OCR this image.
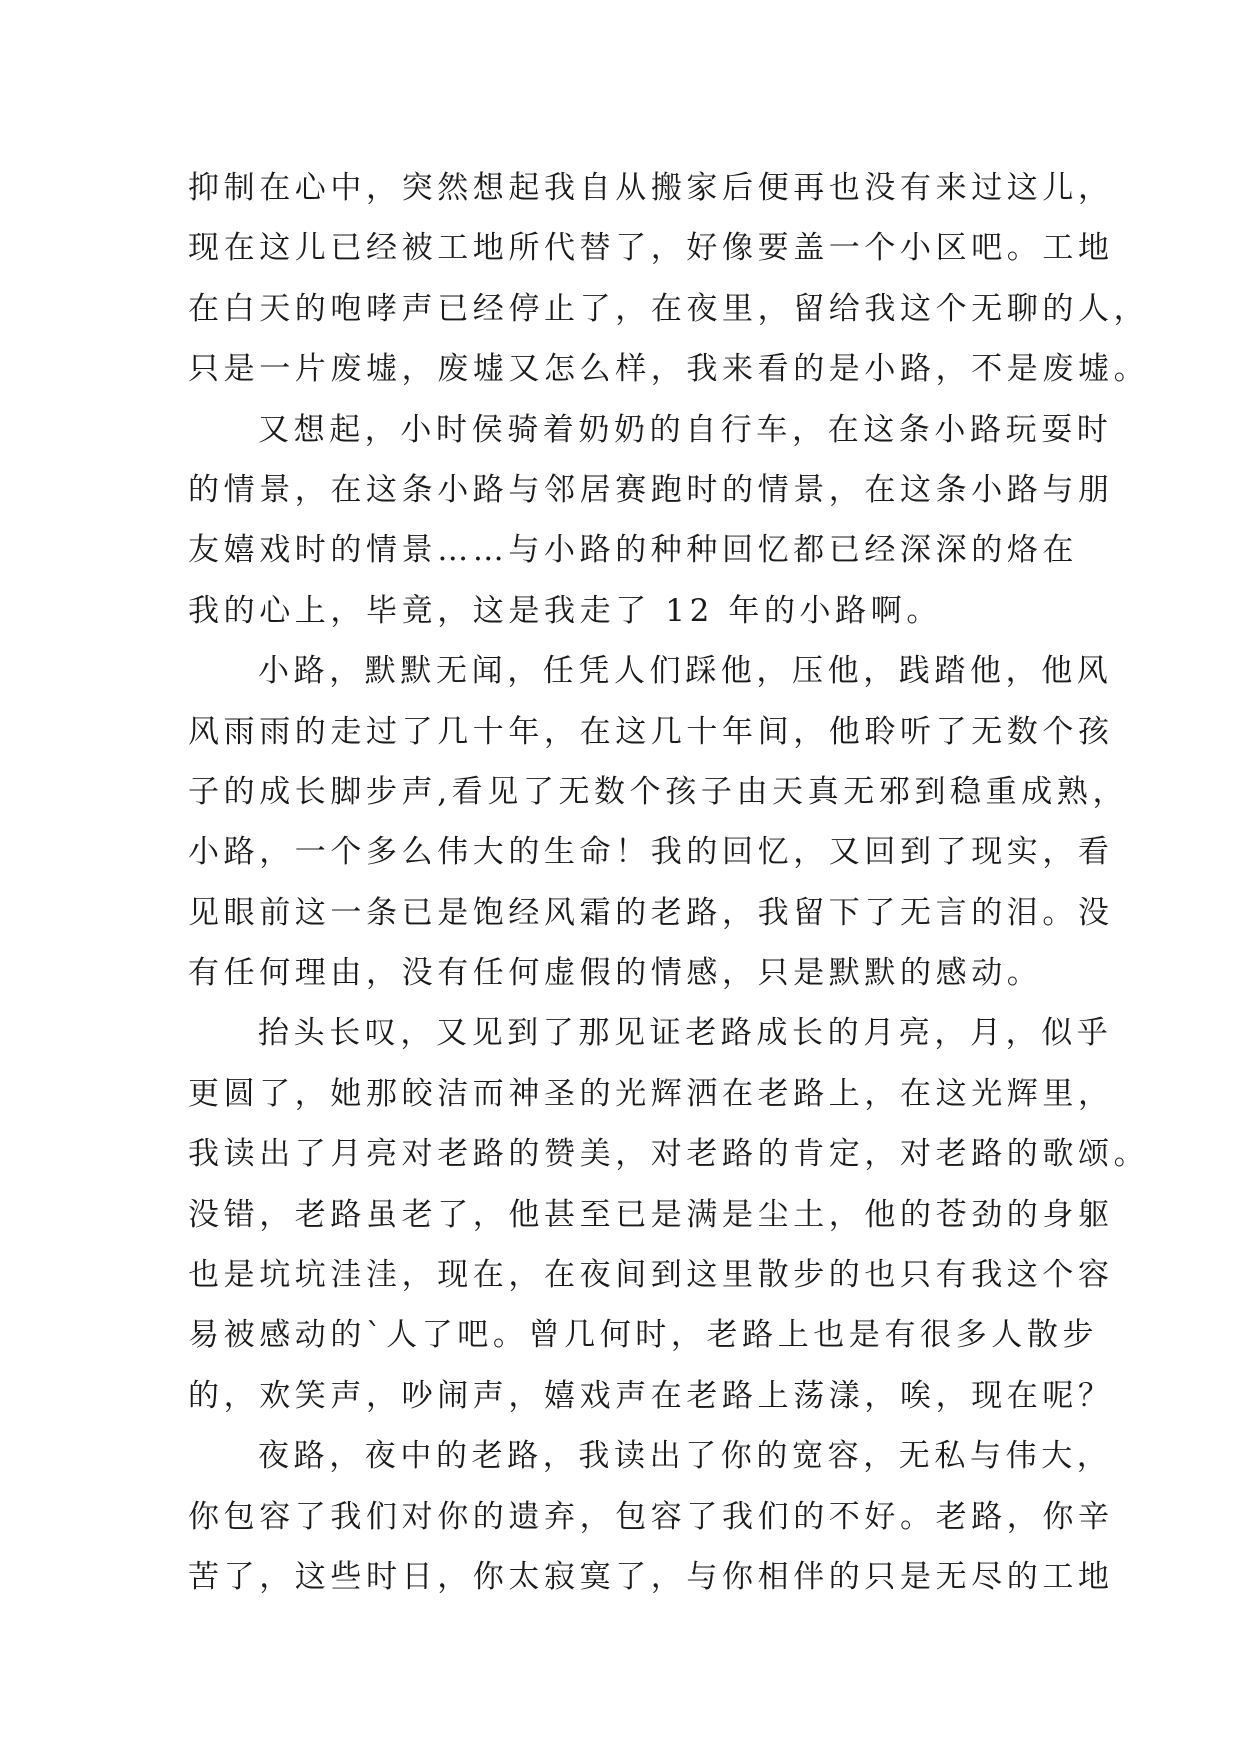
抑制在心中，突然想起我自从搬家后便再也没有来过这儿，
现在这儿已经被工地所代替了，好像要盖一个小区吧。工地
在白天的咆哮声已经停止了，在夜里，留给我这个无聊的人，
只是一片废墟，废墟又怎么样，我来看的是小路，不是废墟。
又想起，小时侯骑着奶奶的自行车，在这条小路玩耍时
的情景，在这条小路与邻居赛跑时的情景，在这条小路与朋
友嬉戏时的情景……与小路的种种回忆都已经深深的烙在
我的心上，毕竟，这是我走了 12 年的小路啊。
小路，默默无闻，任凭人们踩他，压他，践踏他，他风
风雨雨的走过了几十年，在这几十年间，他聆听了无数个孩
子的成长脚步声,看见了无数个孩子由天真无邪到稳重成熟，
小路，一个多么伟大的生命！我的回忆，又回到了现实，看
见眼前这一条已是饱经风霜的老路，我留下了无言的泪。没
有任何理由，没有任何虚假的情感，只是默默的感动。
抬头长叹，又见到了那见证老路成长的月亮，月，似乎
更圆了，她那皎洁而神圣的光辉洒在老路上，在这光辉里，
我读出了月亮对老路的赞美，对老路的肯定，对老路的歌颂。
没错，老路虽老了，他甚至已是满是尘土，他的苍劲的身躯
也是坑坑洼洼，现在，在夜间到这里散步的也只有我这个容
易被感动的`人了吧。曾几何时，老路上也是有很多人散步
的，欢笑声，吵闹声，嬉戏声在老路上荡漾，唉，现在呢？
夜路，夜中的老路，我读出了你的宽容，无私与伟大，
你包容了我们对你的遗弃，包容了我们的不好。老路，你辛
苦了，这些时日，你太寂寞了，与你相伴的只是无尽的工地
